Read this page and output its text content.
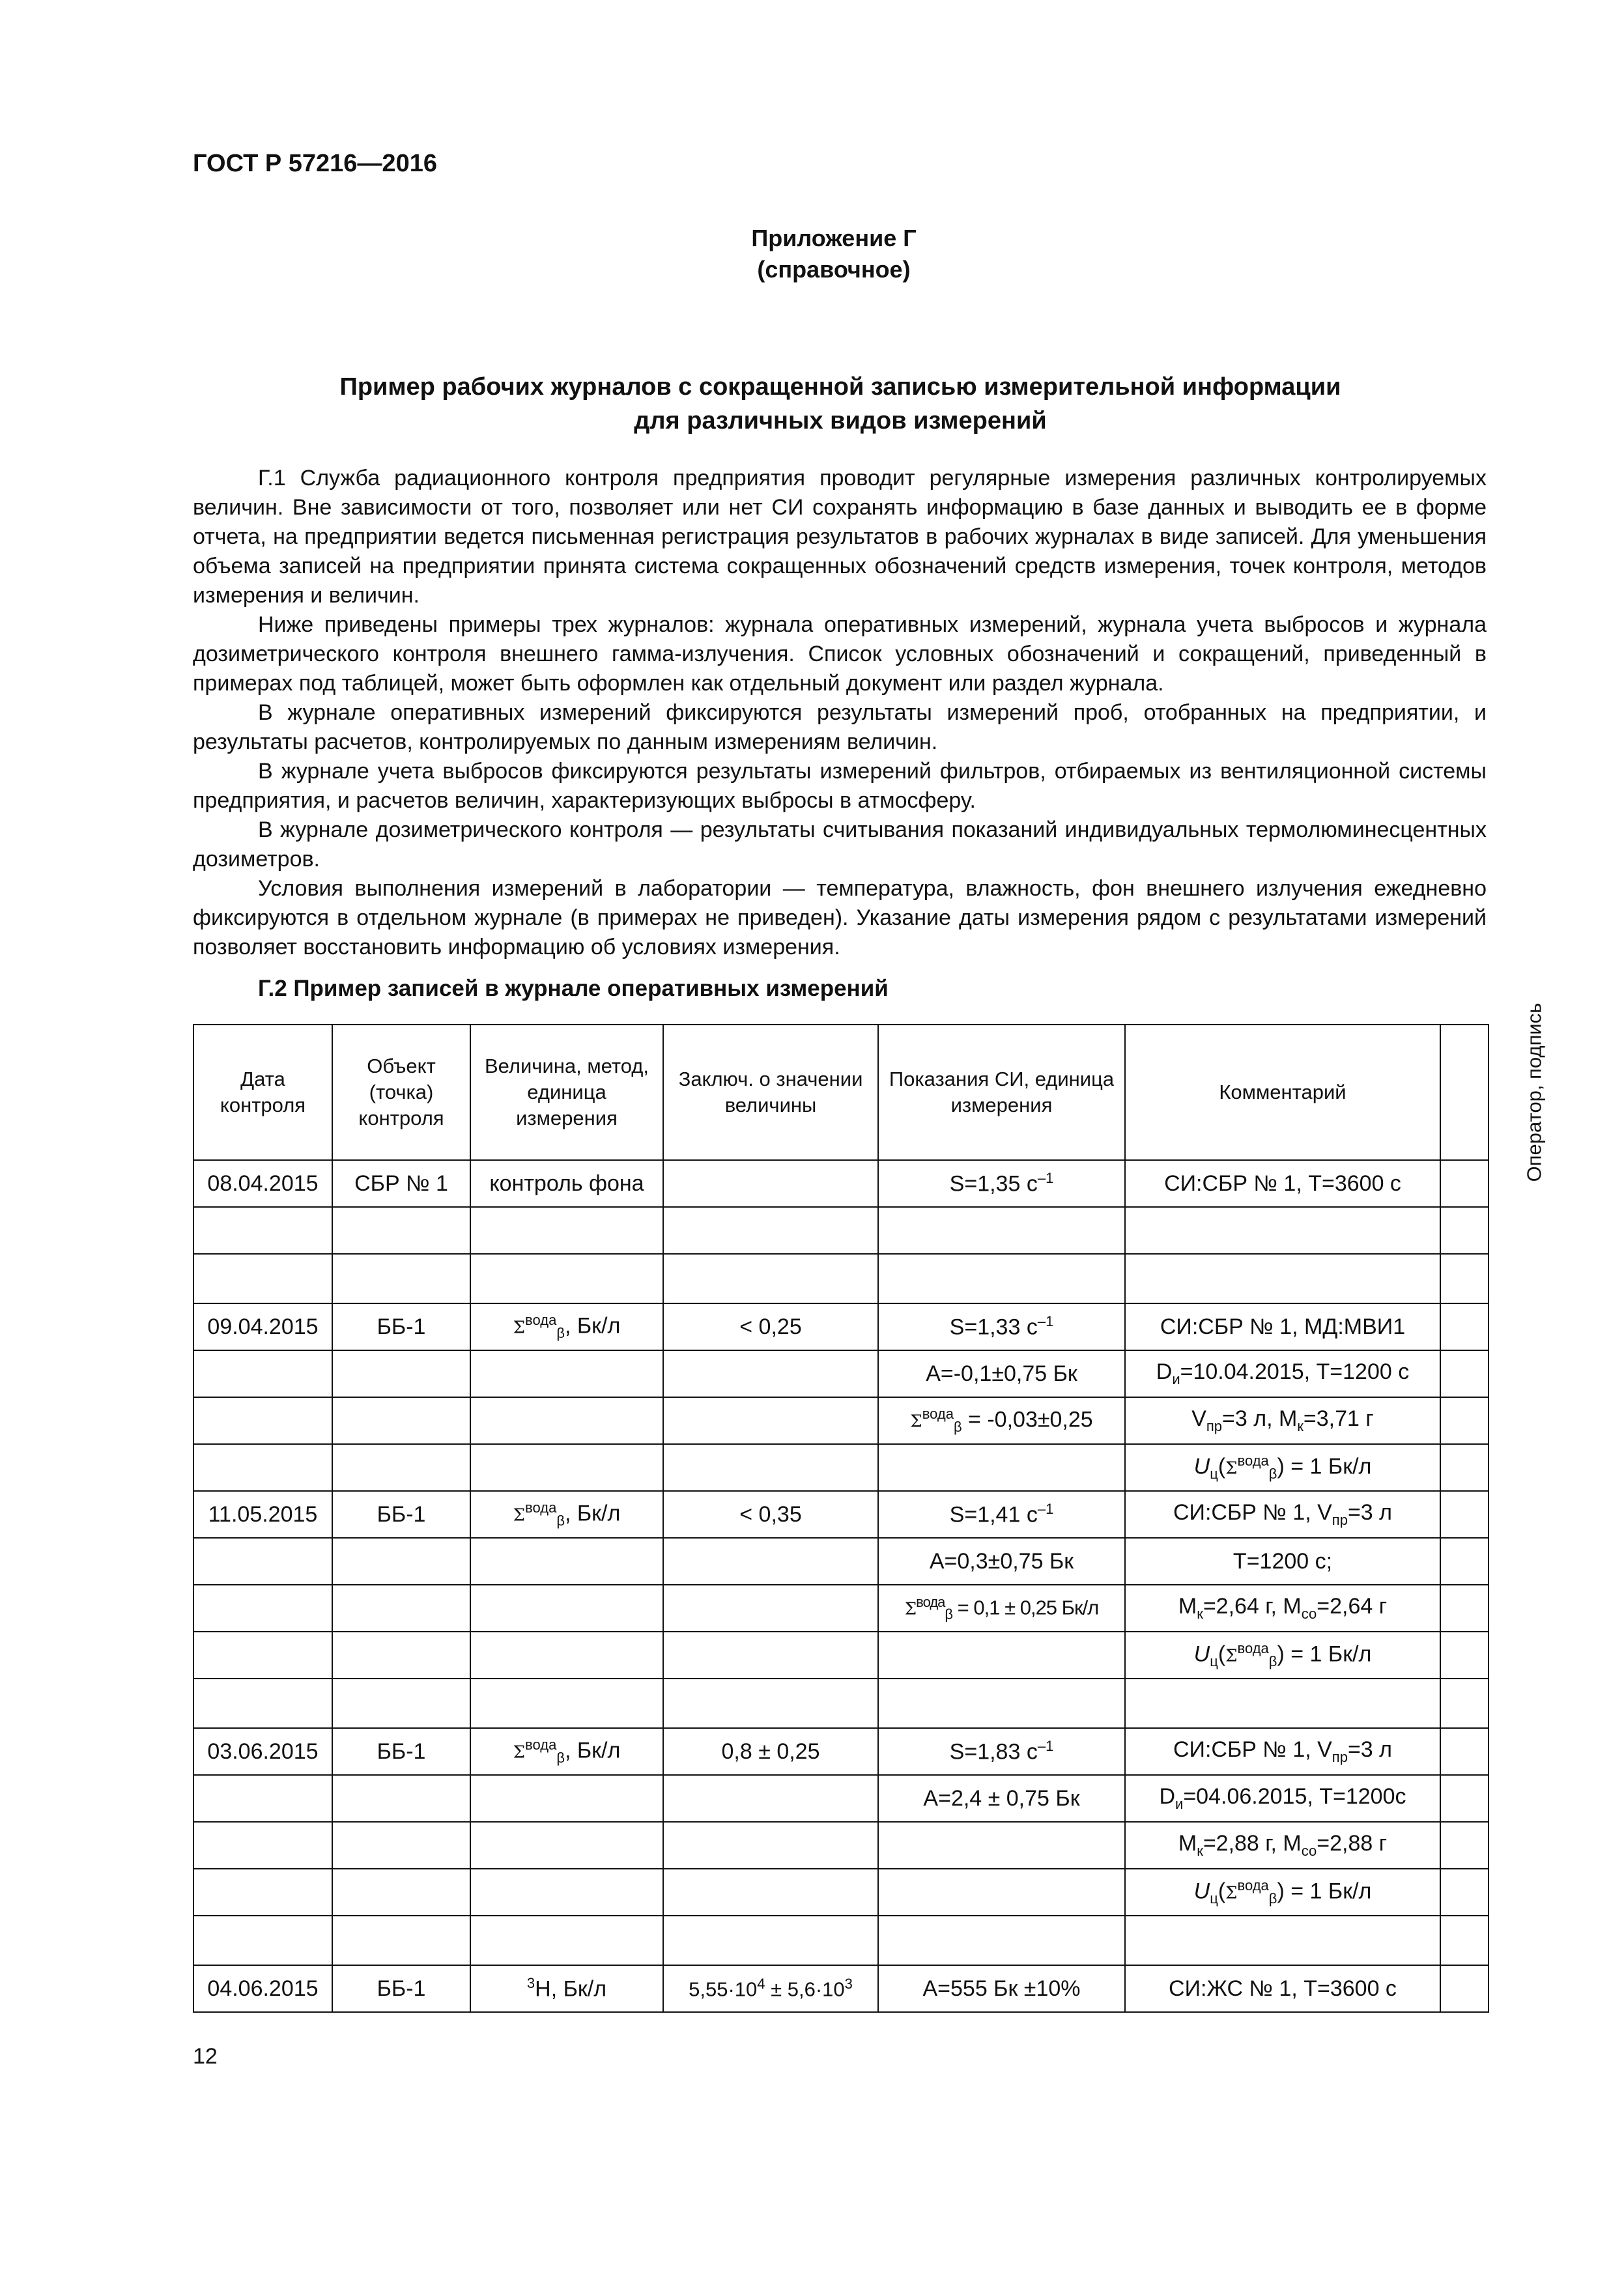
ГОСТ Р 57216—2016
Приложение Г
(справочное)
Пример рабочих журналов с сокращенной записью измерительной информации
для различных видов измерений

Г.1 Служба радиационного контроля предприятия проводит регулярные измерения различных контролируемых величин. Вне зависимости от того, позволяет или нет СИ сохранять информацию в базе данных и выводить ее в форме отчета, на предприятии ведется письменная регистрация результатов в рабочих журналах в виде записей. Для уменьшения объема записей на предприятии принята система сокращенных обозначений средств измерения, точек контроля, методов измерения и величин.

Ниже приведены примеры трех журналов: журнала оперативных измерений, журнала учета выбросов и журнала дозиметрического контроля внешнего гамма-излучения. Список условных обозначений и сокращений, приведенный в примерах под таблицей, может быть оформлен как отдельный документ или раздел журнала.

В журнале оперативных измерений фиксируются результаты измерений проб, отобранных на предприятии, и результаты расчетов, контролируемых по данным измерениям величин.

В журнале учета выбросов фиксируются результаты измерений фильтров, отбираемых из вентиляционной системы предприятия, и расчетов величин, характеризующих выбросы в атмосферу.

В журнале дозиметрического контроля — результаты считывания показаний индивидуальных термолюминесцентных дозиметров.

Условия выполнения измерений в лаборатории — температура, влажность, фон внешнего излучения ежедневно фиксируются в отдельном журнале (в примерах не приведен). Указание даты измерения рядом с результатами измерений позволяет восстановить информацию об условиях измерения.

Г.2 Пример записей в журнале оперативных измерений
Дата контроля	Объект (точка) контроля	Величина, метод, единица измерения	Заключ. о значении величины	Показания СИ, единица измерения	Комментарий	Оператор, подпись
08.04.2015	СБР № 1	контроль фона		S=1,35 $с^{-1}$	СИ:СБР № 1, T=3600 с	

09.04.2015	ББ-1	$\Sigma^{вода}_\beta$, Бк/л	< 0,25	S=1,33 $с^{-1}$	СИ:СБР № 1, МД:МВИ1	
				A=-0,1±0,75 Бк	$D_и=10.04.2015$, T=1200 с	
				$\Sigma^{вода}_\beta = -0,03\pm 0,25$	$V_{пр}=3$ л, $M_к=3,71$ г	
					$U_ц(\Sigma^{вода}_\beta) = 1$ Бк/л	
11.05.2015	ББ-1	$\Sigma^{вода}_\beta$, Бк/л	< 0,35	S=1,41 $с^{-1}$	СИ:СБР № 1, $V_{пр}=3$ л	
				A=0,3±0,75 Бк	T=1200 с;	
				$\Sigma^{вода}_\beta = 0,1 \pm 0,25$ Бк/л	$M_к=2,64$ г, $M_{со}=2,64$ г	
					$U_ц(\Sigma^{вода}_\beta) = 1$ Бк/л	

03.06.2015	ББ-1	$\Sigma^{вода}_\beta$, Бк/л	0,8 ± 0,25	S=1,83 $с^{-1}$	СИ:СБР № 1, $V_{пр}=3$ л	
				A=2,4 ± 0,75 Бк	$D_и=04.06.2015$, T=1200с	
					$M_к=2,88$ г, $M_{со}=2,88$ г	
					$U_ц(\Sigma^{вода}_\beta) = 1$ Бк/л	

04.06.2015	ББ-1	$^3$H, Бк/л	$5,55\cdot 10^4 \pm 5,6\cdot 10^3$	A=555 Бк ±10%	СИ:ЖС № 1, T=3600 с	
12
